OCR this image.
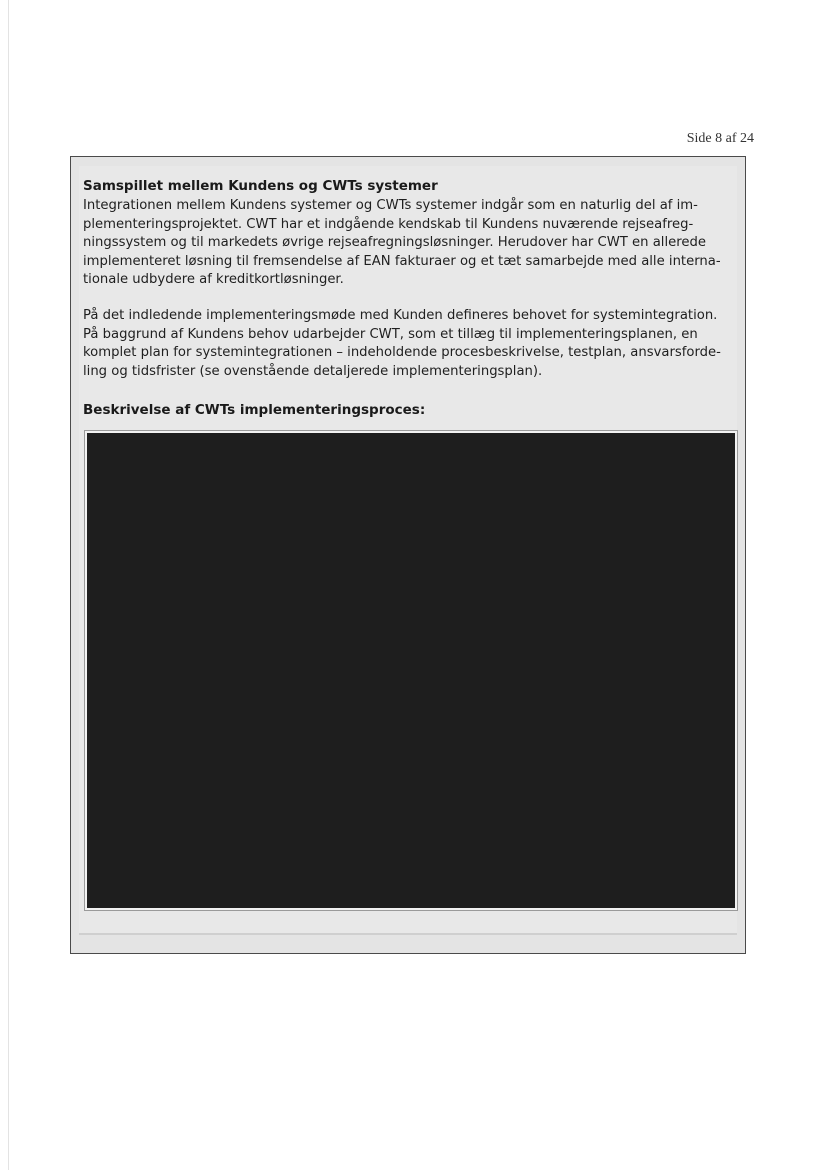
Side 8 af 24
Samspillet mellem Kundens og CWTs systemer

Integrationen mellem Kundens systemer og CWTs systemer indgår som en naturlig del af im-
plementeringsprojektet. CWT har et indgående kendskab til Kundens nuværende rejseafreg-
ningssystem og til markedets øvrige rejseafregningsløsninger. Herudover har CWT en allerede
implementeret løsning til fremsendelse af EAN fakturaer og et tæt samarbejde med alle interna-
tionale udbydere af kreditkortløsninger.

På det indledende implementeringsmøde med Kunden defineres behovet for systemintegration.
På baggrund af Kundens behov udarbejder CWT, som et tillæg til implementeringsplanen, en
komplet plan for systemintegrationen – indeholdende procesbeskrivelse, testplan, ansvarsforde-
ling og tidsfrister (se ovenstående detaljerede implementeringsplan).

Beskrivelse af CWTs implementeringsproces:
